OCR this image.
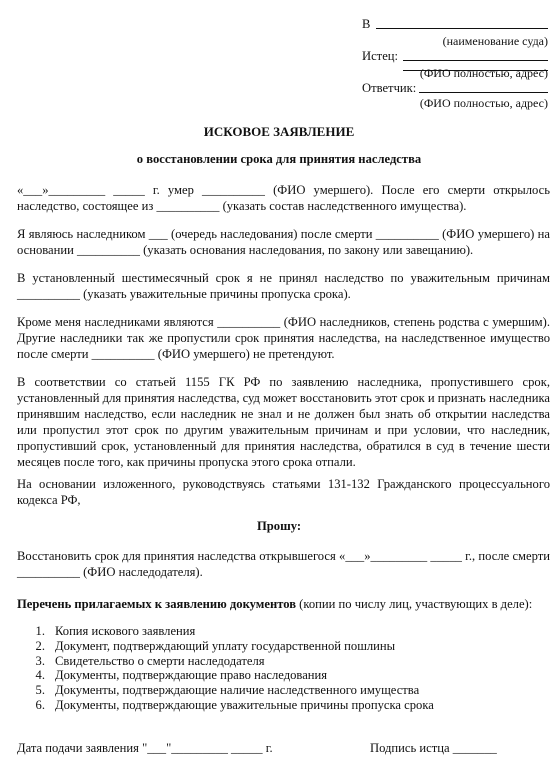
В
(наименование суда)
Истец:
(ФИО полностью, адрес)
Ответчик:
(ФИО полностью, адрес)
ИСКОВОЕ ЗАЯВЛЕНИЕ
о восстановлении срока для принятия наследства

«___»_________ _____ г. умер __________ (ФИО умершего). После его смерти открылось наследство, состоящее из __________ (указать состав наследственного имущества).

Я являюсь наследником ___ (очередь наследования) после смерти __________ (ФИО умершего) на основании __________ (указать основания наследования, по закону или завещанию).

В установленный шестимесячный срок я не принял наследство по уважительным причинам __________ (указать уважительные причины пропуска срока).

Кроме меня наследниками являются __________ (ФИО наследников, степень родства с умершим). Другие наследники так же пропустили срок принятия наследства, на наследственное имущество после смерти __________ (ФИО умершего) не претендуют.

В соответствии со статьей 1155 ГК РФ по заявлению наследника, пропустившего срок, установленный для принятия наследства, суд может восстановить этот срок и признать наследника принявшим наследство, если наследник не знал и не должен был знать об открытии наследства или пропустил этот срок по другим уважительным причинам и при условии, что наследник, пропустивший срок, установленный для принятия наследства, обратился в суд в течение шести месяцев после того, как причины пропуска этого срока отпали.

На основании изложенного, руководствуясь статьями 131-132 Гражданского процессуального кодекса РФ,

Прошу:

Восстановить срок для принятия наследства открывшегося «___»_________ _____ г., после смерти __________ (ФИО наследодателя).

Перечень прилагаемых к заявлению документов (копии по числу лиц, участвующих в деле):

1. Копия искового заявления
2. Документ, подтверждающий уплату государственной пошлины
3. Свидетельство о смерти наследодателя
4. Документы, подтверждающие право наследования
5. Документы, подтверждающие наличие наследственного имущества
6. Документы, подтверждающие уважительные причины пропуска срока
Дата подачи заявления "___"_________ _____ г.	Подпись истца _______
